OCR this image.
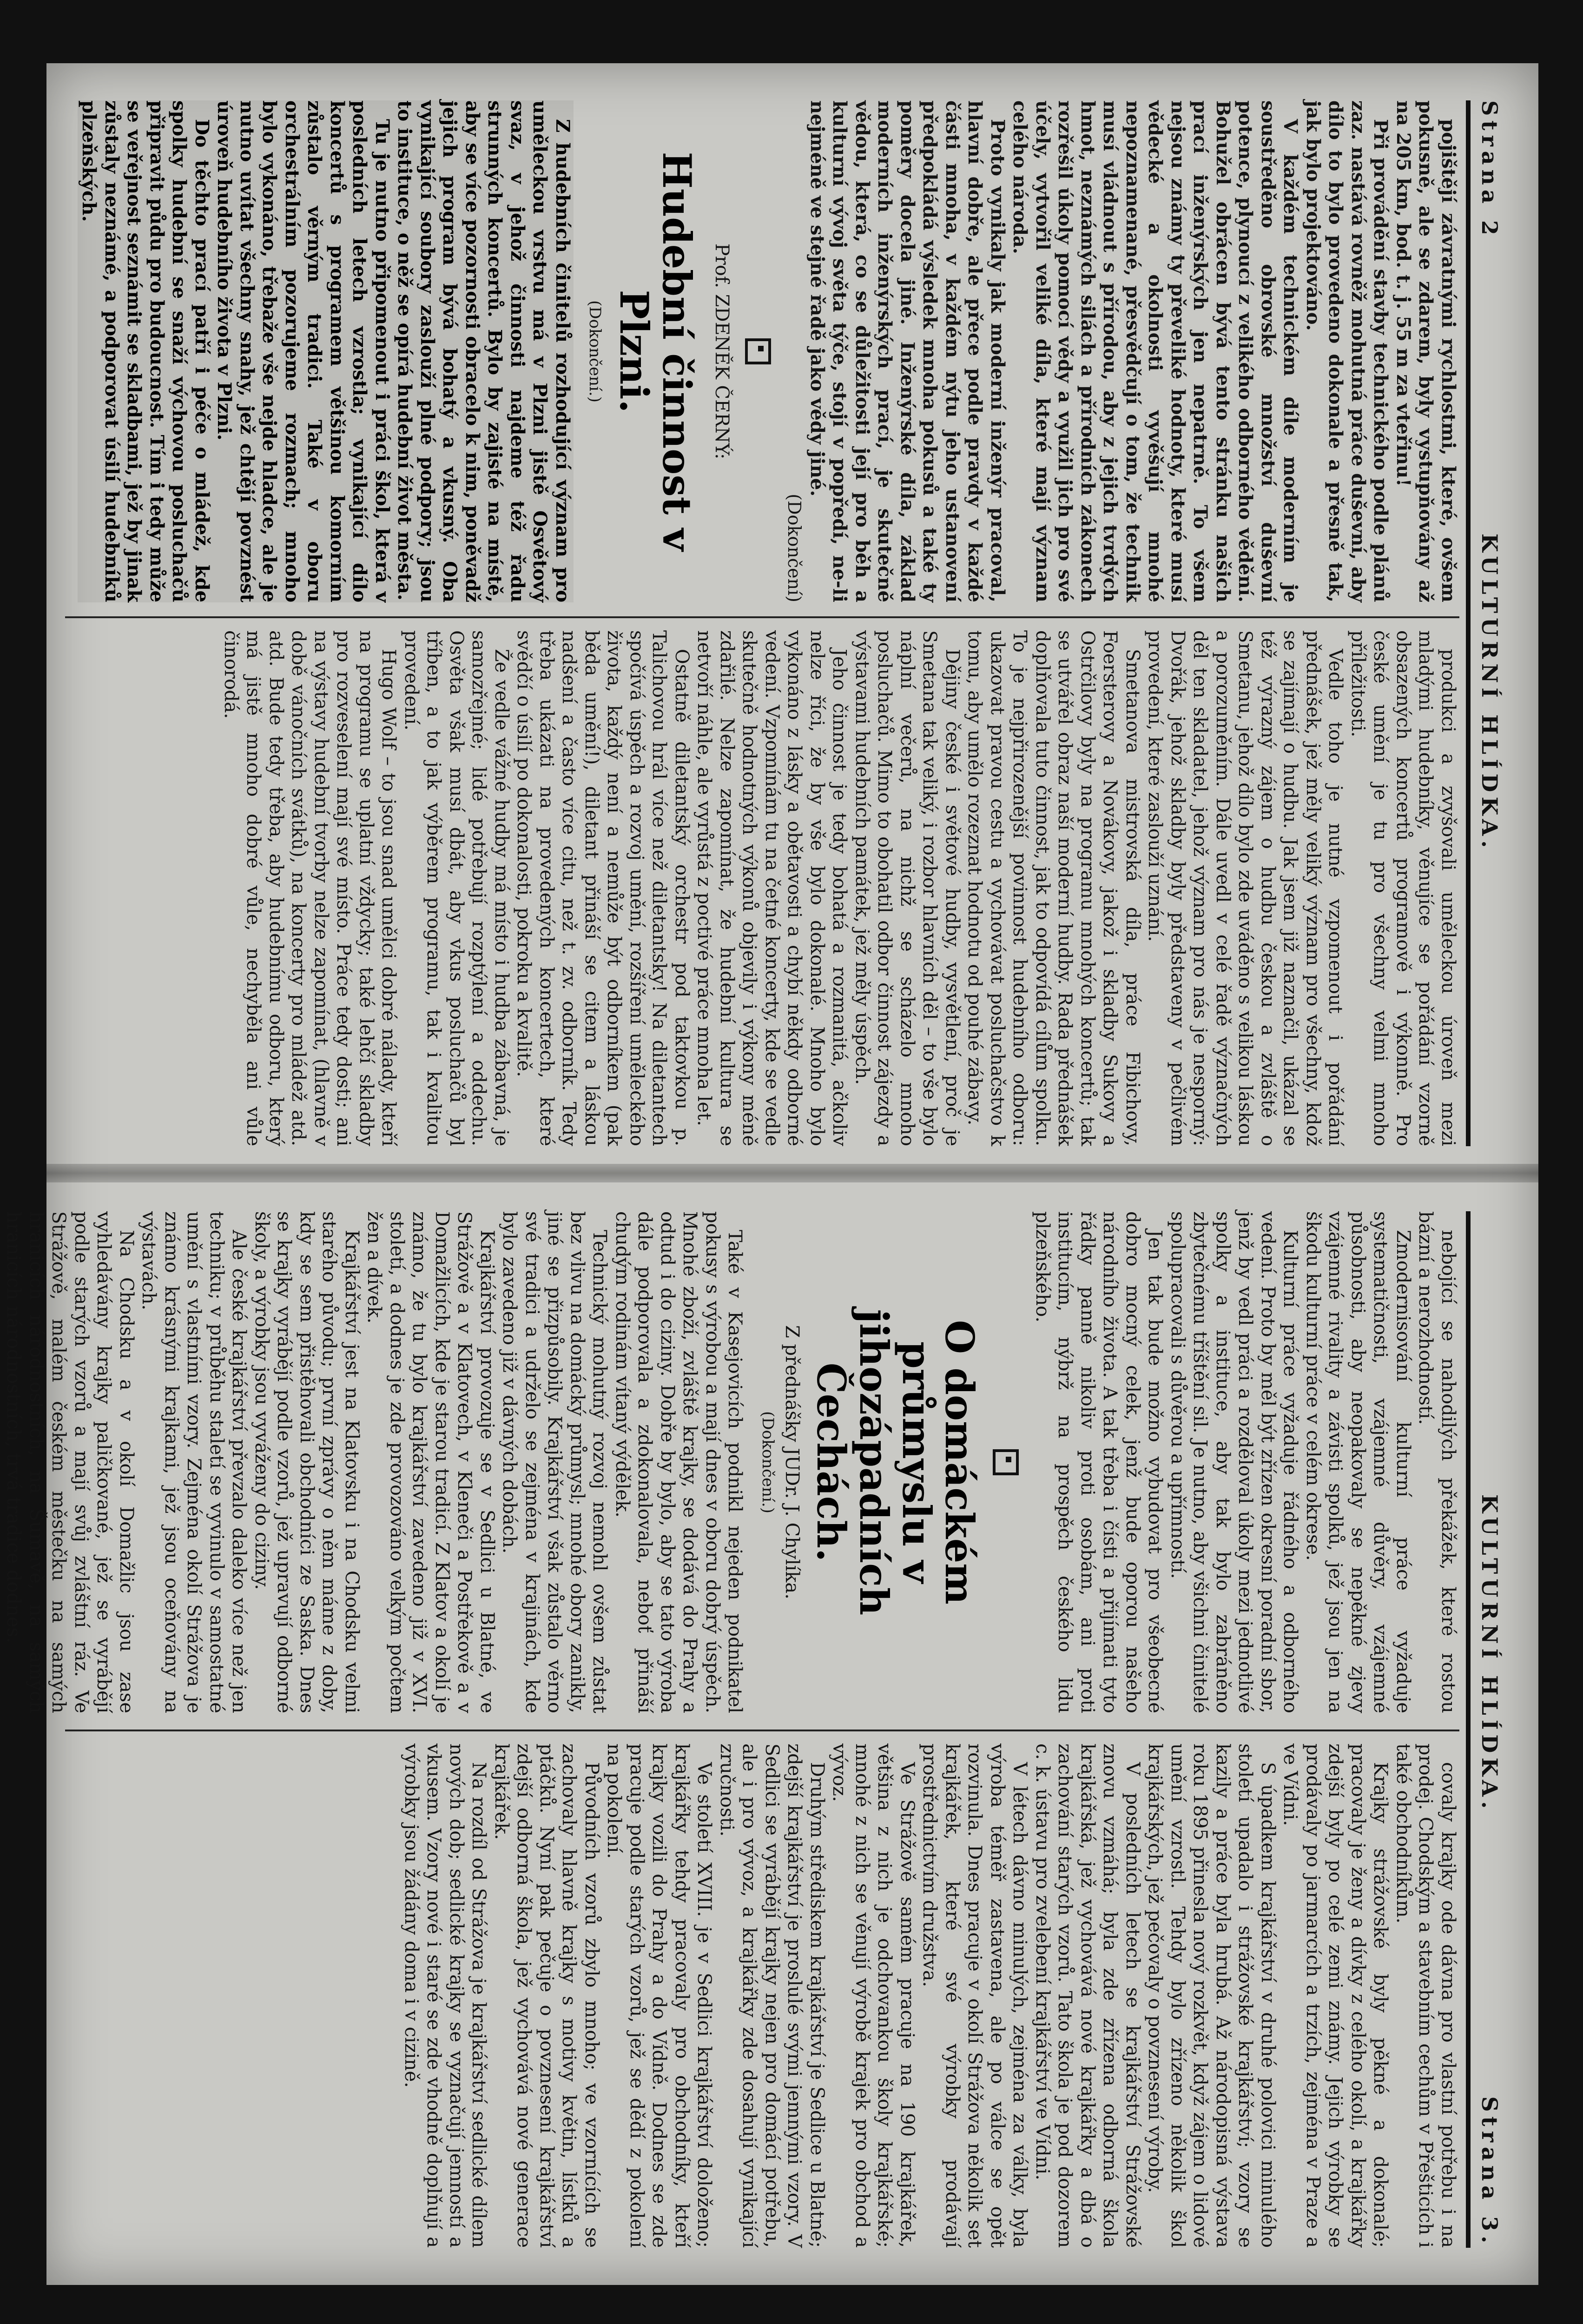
Strana 2
KULTURNÍ HLÍDKA.
KULTURNÍ HLÍDKA.
Strana 3.

pojištějí závratnými rychlostmi, které, ovšem pokusně, ale se zdarem, byly vystupňovány až na 205 km, bod. t. j. 55 m za vteřinu!

Při provádění stavby technického podle plánů zaz. nastává rovněž mohutná práce duševní, aby dílo to bylo provedeno dokonale a přesně tak, jak bylo projektováno.

V každém technickém díle moderním je soustředěno obrovské množství duševní potence, plynoucí z velikého odborného vědění. Bohužel obrácen bývá tento stránku našich prací inženýrských jen nepatrně. To všem nejsou známy ty převeliké hodnoty, které musí vědecké a okolnosti vyvěšují mnohé nepoznamenané, přesvědčují o tom, že technik musí vládnout s přírodou, aby z jejich tvrdých hmot, neznámých silách a přírodních zákonech rozřešil úkoly pomocí vědy a využil jich pro své účely, vytvořil veliké díla, které mají význam celého národa.

Proto vynikaly jak moderní inženýr pracoval, hlavní dobře, ale přece podle pravdy v každé části mnoha, v každém nýtu jeho ustanovení předpokládá výsledek mnoha pokusů a také ty poměry docela jiné. Inženýrské díla, základ moderních inženýrských prací, je skutečně vědou, která, co se důležitosti její pro běh a kulturní vývoj světa týče, stojí v popředí, ne-li nejméně ve stejné řadě jako vědy jiné.

(Dokončení)
Prof. ZDENĚK ČERNÝ:
Hudební činnost v Plzni.
(Dokončení.)

Z hudebních činitelů rozhodující význam pro uměleckou vrstvu má v Plzni jistě Osvětový svaz, v jehož činnosti najdeme též řadu strunných koncertů. Bylo by zajisté na místě, aby se více pozornosti obracelo k nim, poněvadž jejich program bývá bohatý a vkusný. Oba vynikající soubory zaslouží plné podpory; jsou to instituce, o něž se opírá hudební život města.

Tu je nutno připomenout i práci škol, která v posledních letech vzrostla; vynikající dílo koncertů s programem většinou komorním zůstalo věrným tradici. Také v oboru orchestrálním pozorujeme rozmach; mnoho bylo vykonáno, třebaže vše nejde hladce, ale je nutno uvítat všechny snahy, jež chtějí povznést úroveň hudebního života v Plzni.

Do těchto prací patří i péče o mládež, kde spolky hudební se snaží výchovou posluchačů připravit půdu pro budoucnost. Tím i tedy může se veřejnost seznámit se skladbami, jež by jinak zůstaly neznámé, a podporovat úsilí hudebníků plzeňských.

produkci a zvyšovali uměleckou úroveň mezi mladými hudebníky, věnujíce se pořádání vzorně obsazených koncertů programově i výkonně. Pro české umění je tu pro všechny velmi mnoho příležitosti.

Vedle toho je nutné vzpomenout i pořádání přednášek, jež měly veliký význam pro všechny, kdož se zajímají o hudbu. Jak jsem již naznačil, ukázal se též výrazný zájem o hudbu českou a zvláště o Smetanu, jehož dílo bylo zde uváděno s velikou láskou a porozuměním. Dále uvedl v celé řadě význačných děl ten skladatel, jehož význam pro nás je nesporný: Dvořák, jehož skladby byly představeny v pečlivém provedení, které zaslouží uznání.

Smetanova mistrovská díla, práce Fibichovy, Foersterovy a Novákovy, jakož i skladby Sukovy a Ostrčilovy byly na programu mnohých koncertů; tak se utvářel obraz naší moderní hudby. Rada přednášek doplňovala tuto činnost, jak to odpovídá cílům spolku. To je nejpřirozenější povinnost hudebního odboru: ukazovat pravou cestu a vychovávat posluchačstvo k tomu, aby umělo rozeznat hodnotu od pouhé zábavy.

Dějiny české i světové hudby, vysvětlení, proč je Smetana tak veliký, i rozbor hlavních děl – to vše bylo náplní večerů, na nichž se scházelo mnoho posluchačů. Mimo to obohatil odbor činnost zájezdy a výstavami hudebních památek, jež měly úspěch.

Jeho činnost je tedy bohatá a rozmanitá, ačkoliv nelze říci, že by vše bylo dokonalé. Mnoho bylo vykonáno z lásky a obětavosti a chybí někdy odborné vedení. Vzpomínám tu na četné koncerty, kde se vedle skutečně hodnotných výkonů objevily i výkony méně zdařilé. Nelze zapomínat, že hudební kultura se netvoří náhle, ale vyrůstá z poctivé práce mnoha let.

Ostatně diletantský orchestr pod taktovkou p. Talichovou hrál více než diletantsky! Na diletantech spočívá úspěch a rozvoj umění, rozšíření uměleckého života, každý není a nemůže být odborníkem (pak běda umění!), diletant přináší se citem a láskou nadšení a často více citu, než t. zv. odborník. Tedy třeba ukázati na provedených koncertech, které svědčí o úsilí po dokonalosti, pokroku a kvalitě.

Že vedle vážné hudby má místo i hudba zábavná, je samozřejmé; lidé potřebují rozptýlení a oddechu. Osvěta však musí dbát, aby vkus posluchačů byl tříben, a to jak výběrem programu, tak i kvalitou provedení.

Hugo Wolf – to jsou snad umělci dobré nálady, kteří na programu se uplatní vždycky; také lehčí skladby pro rozveselení mají své místo. Práce tedy dosti; ani na výstavy hudební tvorby nelze zapomínat, (hlavně v době vánočních svátků), na koncerty pro mládež atd. atd. Bude tedy třeba, aby hudebnímu odboru, který má jistě mnoho dobré vůle, nechyběla ani vůle činorodá.

nebojící se nahodilých překážek, které rostou bázní a nerozhodností.

Zmodernisování kulturní práce vyžaduje systematičnosti, vzájemné důvěry, vzájemné působnosti, aby neopakovaly se nepěkné zjevy vzájemné rivality a závisti spolků, jež jsou jen na škodu kulturní práce v celém okrese.

Kulturní práce vyžaduje řádného a odborného vedení. Proto by měl být zřízen okresní poradní sbor, jenž by vedl práci a rozděloval úkoly mezi jednotlivé spolky a instituce, aby tak bylo zabráněno zbytečnému tříštění sil. Je nutno, aby všichni činitelé spolupracovali s důvěrou a upřímností.

Jen tak bude možno vybudovat pro všeobecné dobro mocný celek, jenž bude oporou našeho národního života. A tak třeba i čísti a přijímati tyto řádky panně nikoliv proti osobám, ani proti institucím, nýbrž na prospěch českého lidu plzeňského.

O domáckém průmyslu v jihozápadních Čechách.
Z přednášky JUDr. J. Chylíka.
(Dokončení.)

Také v Kasejovicích podnikl nejeden podnikatel pokusy s výrobou a mají dnes v oboru dobrý úspěch. Mnohé zboží, zvláště krajky, se dodává do Prahy a odtud i do ciziny. Dobře by bylo, aby se tato výroba dále podporovala a zdokonalovala, neboť přináší chudým rodinám vítaný výdělek.

Technický mohutný rozvoj nemohl ovšem zůstat bez vlivu na domácký průmysl; mnohé obory zanikly, jiné se přizpůsobily. Krajkářství však zůstalo věrno své tradici a udrželo se zejména v krajinách, kde bylo zavedeno již v dávných dobách.

Krajkářství provozuje se v Sedlici u Blatné, ve Strážově a v Klatovech, v Kleneči a Postřekově a v Domažlicích, kde je starou tradicí. Z Klatov a okolí je známo, že tu bylo krajkářství zavedeno již v XVI. století, a dodnes je zde provozováno velkým počtem žen a dívek.

Krajkářství jest na Klatovsku i na Chodsku velmi starého původu; první zprávy o něm máme z doby, kdy se sem přistěhovali obchodníci ze Saska. Dnes se krajky vyrábějí podle vzorů, jež upravují odborné školy, a výrobky jsou vyváženy do ciziny.

Ale české krajkářství převzalo daleko více než jen techniku; v průběhu staletí se vyvinulo v samostatné umění s vlastními vzory. Zejména okolí Strážova je známo krásnými krajkami, jež jsou oceňovány na výstavách.

Na Chodsku a v okolí Domažlic jsou zase vyhledávány krajky paličkované, jež se vyrábějí podle starých vzorů a mají svůj zvláštní ráz. Ve Strážově, malém českém městečku na samých hranicích národnostních, na Šumavě, na samých hranicích národnostních, trvá tradice dodnes.

covaly krajky ode dávna pro vlastní potřebu i na prodej. Chodským a stavebním cechům v Přešticích i také obchodníkům.

Krajky strážovské byly pěkné a dokonalé; pracovaly je ženy a dívky z celého okolí, a krajkářky zdejší byly po celé zemi známy. Jejich výrobky se prodávaly po jarmarcích a trzích, zejména v Praze a ve Vídni.

S úpadkem krajkářství v druhé polovici minulého století upadalo i strážovské krajkářství; vzory se kazily a práce byla hrubá. Až národopisná výstava roku 1895 přinesla nový rozkvět, když zájem o lidové umění vzrostl. Tehdy bylo zřízeno několik škol krajkářských, jež pečovaly o povznesení výroby.

V posledních letech se krajkářství Strážovské znovu vzmáhá; byla zde zřízena odborná škola krajkářská, jež vychovává nové krajkářky a dbá o zachování starých vzorů. Tato škola je pod dozorem c. k. ústavu pro zvelebení krajkářství ve Vídni.

V létech dávno minulých, zejména za války, byla výroba téměř zastavena, ale po válce se opět rozvinula. Dnes pracuje v okolí Strážova několik set krajkářek, které své výrobky prodávají prostřednictvím družstva.

Ve Strážově samém pracuje na 190 krajkářek, většina z nich je odchovankou školy krajkářské; mnohé z nich se věnují výrobě krajek pro obchod a vývoz.

Druhým střediskem krajkářství je Sedlice u Blatné; zdejší krajkářství je proslulé svými jemnými vzory. V Sedlici se vyrábějí krajky nejen pro domácí potřebu, ale i pro vývoz, a krajkářky zde dosahují vynikající zručnosti.

Ve století XVIII. je v Sedlici krajkářství doloženo; krajkářky tehdy pracovaly pro obchodníky, kteří krajky vozili do Prahy a do Vídně. Dodnes se zde pracuje podle starých vzorů, jež se dědí z pokolení na pokolení.

Původních vzorů zbylo mnoho; ve vzornících se zachovaly hlavně krajky s motivy květin, lístků a ptáčků. Nyní pak pečuje o povznesení krajkářství zdejší odborná škola, jež vychovává nové generace krajkářek.

Na rozdíl od Strážova je krajkářství sedlické dílem nových dob; sedlické krajky se vyznačují jemností a vkusem. Vzory nové i staré se zde vhodně doplňují a výrobky jsou žádány doma i v cizině.
